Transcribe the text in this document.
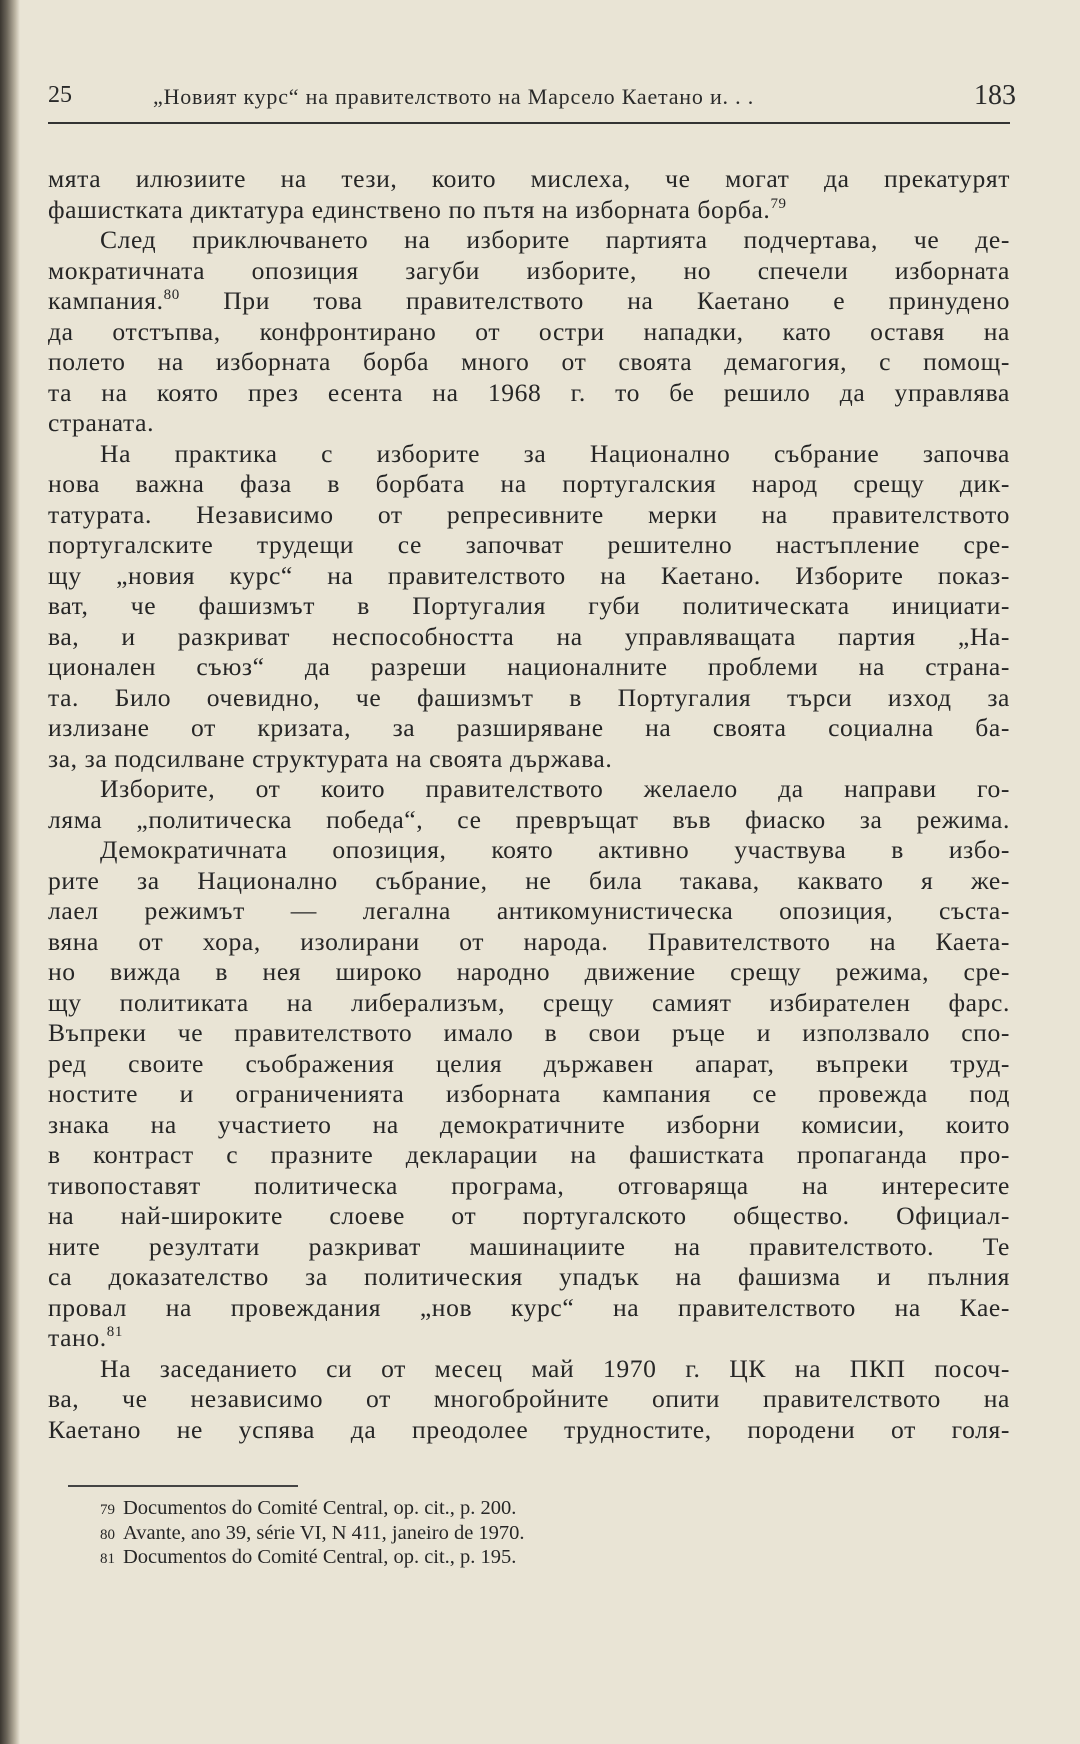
25	„Новият курс“ на правителството на Марсело Каетано и. . .	183
мята илюзиите на тези, които мислеха, че могат да прекатурят
фашистката диктатура единствено по пътя на изборната борба.$^{79}$
След приключването на изборите партията подчертава, че де-
мократичната опозиция загуби изборите, но спечели изборната
кампания.$^{80}$ При това правителството на Каетано е принудено
да отстъпва, конфронтирано от остри нападки, като оставя на
полето на изборната борба много от своята демагогия, с помощ-
та на която през есента на 1968 г. то бе решило да управлява
страната.
На практика с изборите за Национално събрание започва
нова важна фаза в борбата на португалския народ срещу дик-
татурата. Независимо от репресивните мерки на правителството
португалските трудещи се започват решително настъпление сре-
щу „новия курс“ на правителството на Каетано. Изборите показ-
ват, че фашизмът в Португалия губи политическата инициати-
ва, и разкриват неспособността на управляващата партия „На-
ционален съюз“ да разреши националните проблеми на страна-
та. Било очевидно, че фашизмът в Португалия търси изход за
излизане от кризата, за разширяване на своята социална ба-
за, за подсилване структурата на своята държава.
Изборите, от които правителството желаело да направи го-
ляма „политическа победа“, се превръщат във фиаско за режима.
Демократичната опозиция, която активно участвува в избо-
рите за Национално събрание, не била такава, каквато я же-
лаел режимът — легална антикомунистическа опозиция, съста-
вяна от хора, изолирани от народа. Правителството на Каета-
но вижда в нея широко народно движение срещу режима, сре-
щу политиката на либерализъм, срещу самият избирателен фарс.
Въпреки че правителството имало в свои ръце и използвало спо-
ред своите съображения целия държавен апарат, въпреки труд-
ностите и ограниченията изборната кампания се провежда под
знака на участието на демократичните изборни комисии, които
в контраст с празните декларации на фашистката пропаганда про-
тивопоставят политическа програма, отговаряща на интересите
на най-широките слоеве от португалското общество. Официал-
ните резултати разкриват машинациите на правителството. Те
са доказателство за политическия упадък на фашизма и пълния
провал на провеждания „нов курс“ на правителството на Кае-
тано.$^{81}$
На заседанието си от месец май 1970 г. ЦК на ПКП посоч-
ва, че независимо от многобройните опити правителството на
Каетано не успява да преодолее трудностите, породени от голя-
79 Documentos do Comité Central, op. cit., p. 200.
80 Avante, ano 39, série VI, N 411, janeiro de 1970.
81 Documentos do Comité Central, op. cit., p. 195.
